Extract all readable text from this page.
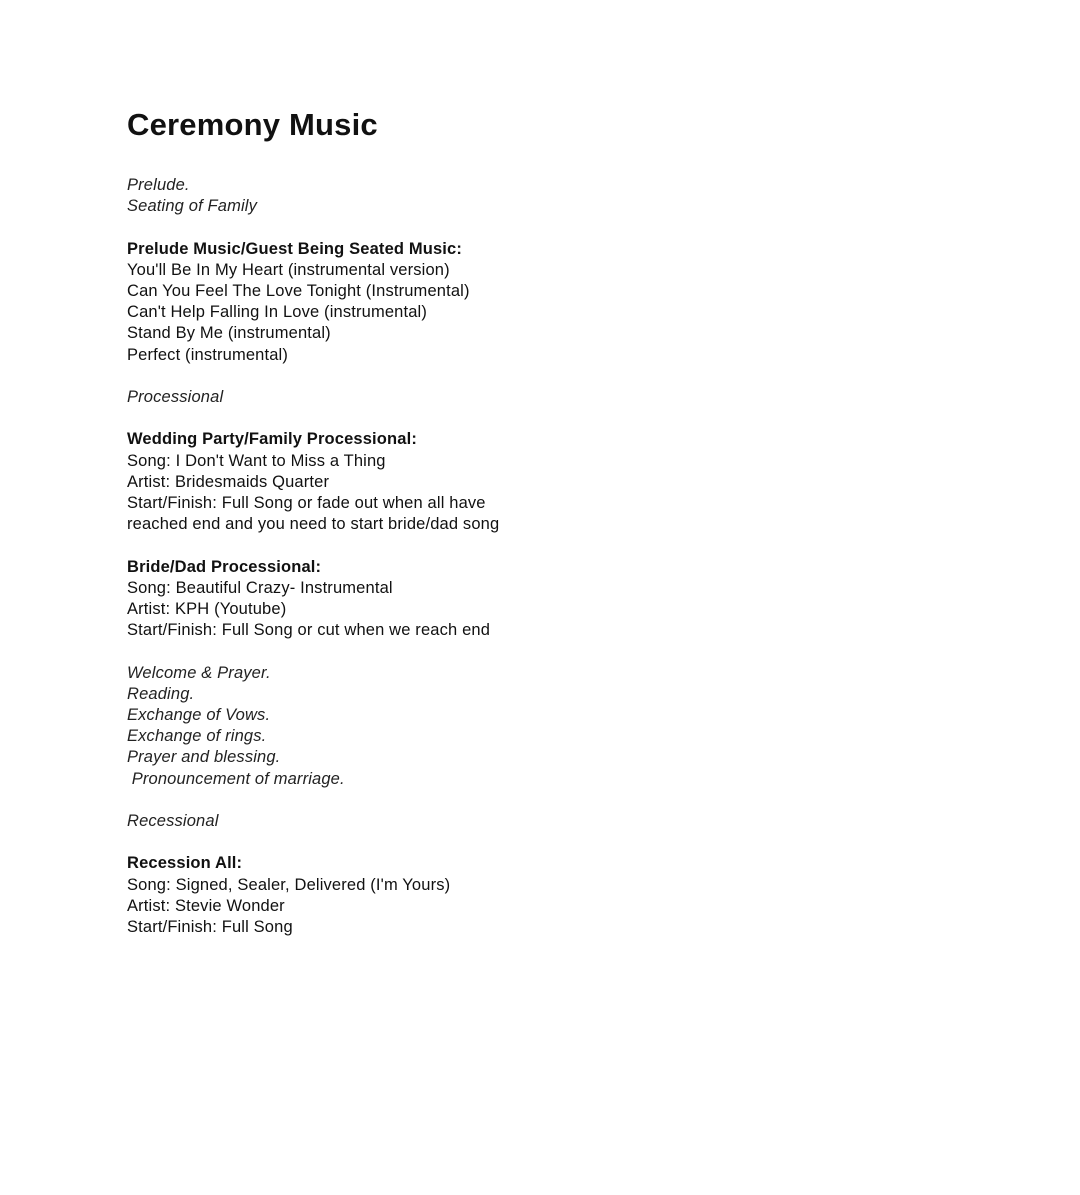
Ceremony Music
Prelude.
Seating of Family
Prelude Music/Guest Being Seated Music:
You'll Be In My Heart (instrumental version)
Can You Feel The Love Tonight (Instrumental)
Can't Help Falling In Love (instrumental)
Stand By Me (instrumental)
Perfect (instrumental)
Processional
Wedding Party/Family Processional:
Song: I Don't Want to Miss a Thing
Artist: Bridesmaids Quarter
Start/Finish: Full Song or fade out when all have reached end and you need to start bride/dad song
Bride/Dad Processional:
Song: Beautiful Crazy- Instrumental
Artist: KPH (Youtube)
Start/Finish: Full Song or cut when we reach end
Welcome & Prayer.
Reading.
Exchange of Vows.
Exchange of rings.
Prayer and blessing.
Pronouncement of marriage.
Recessional
Recession All:
Song: Signed, Sealer, Delivered (I'm Yours)
Artist: Stevie Wonder
Start/Finish: Full Song
